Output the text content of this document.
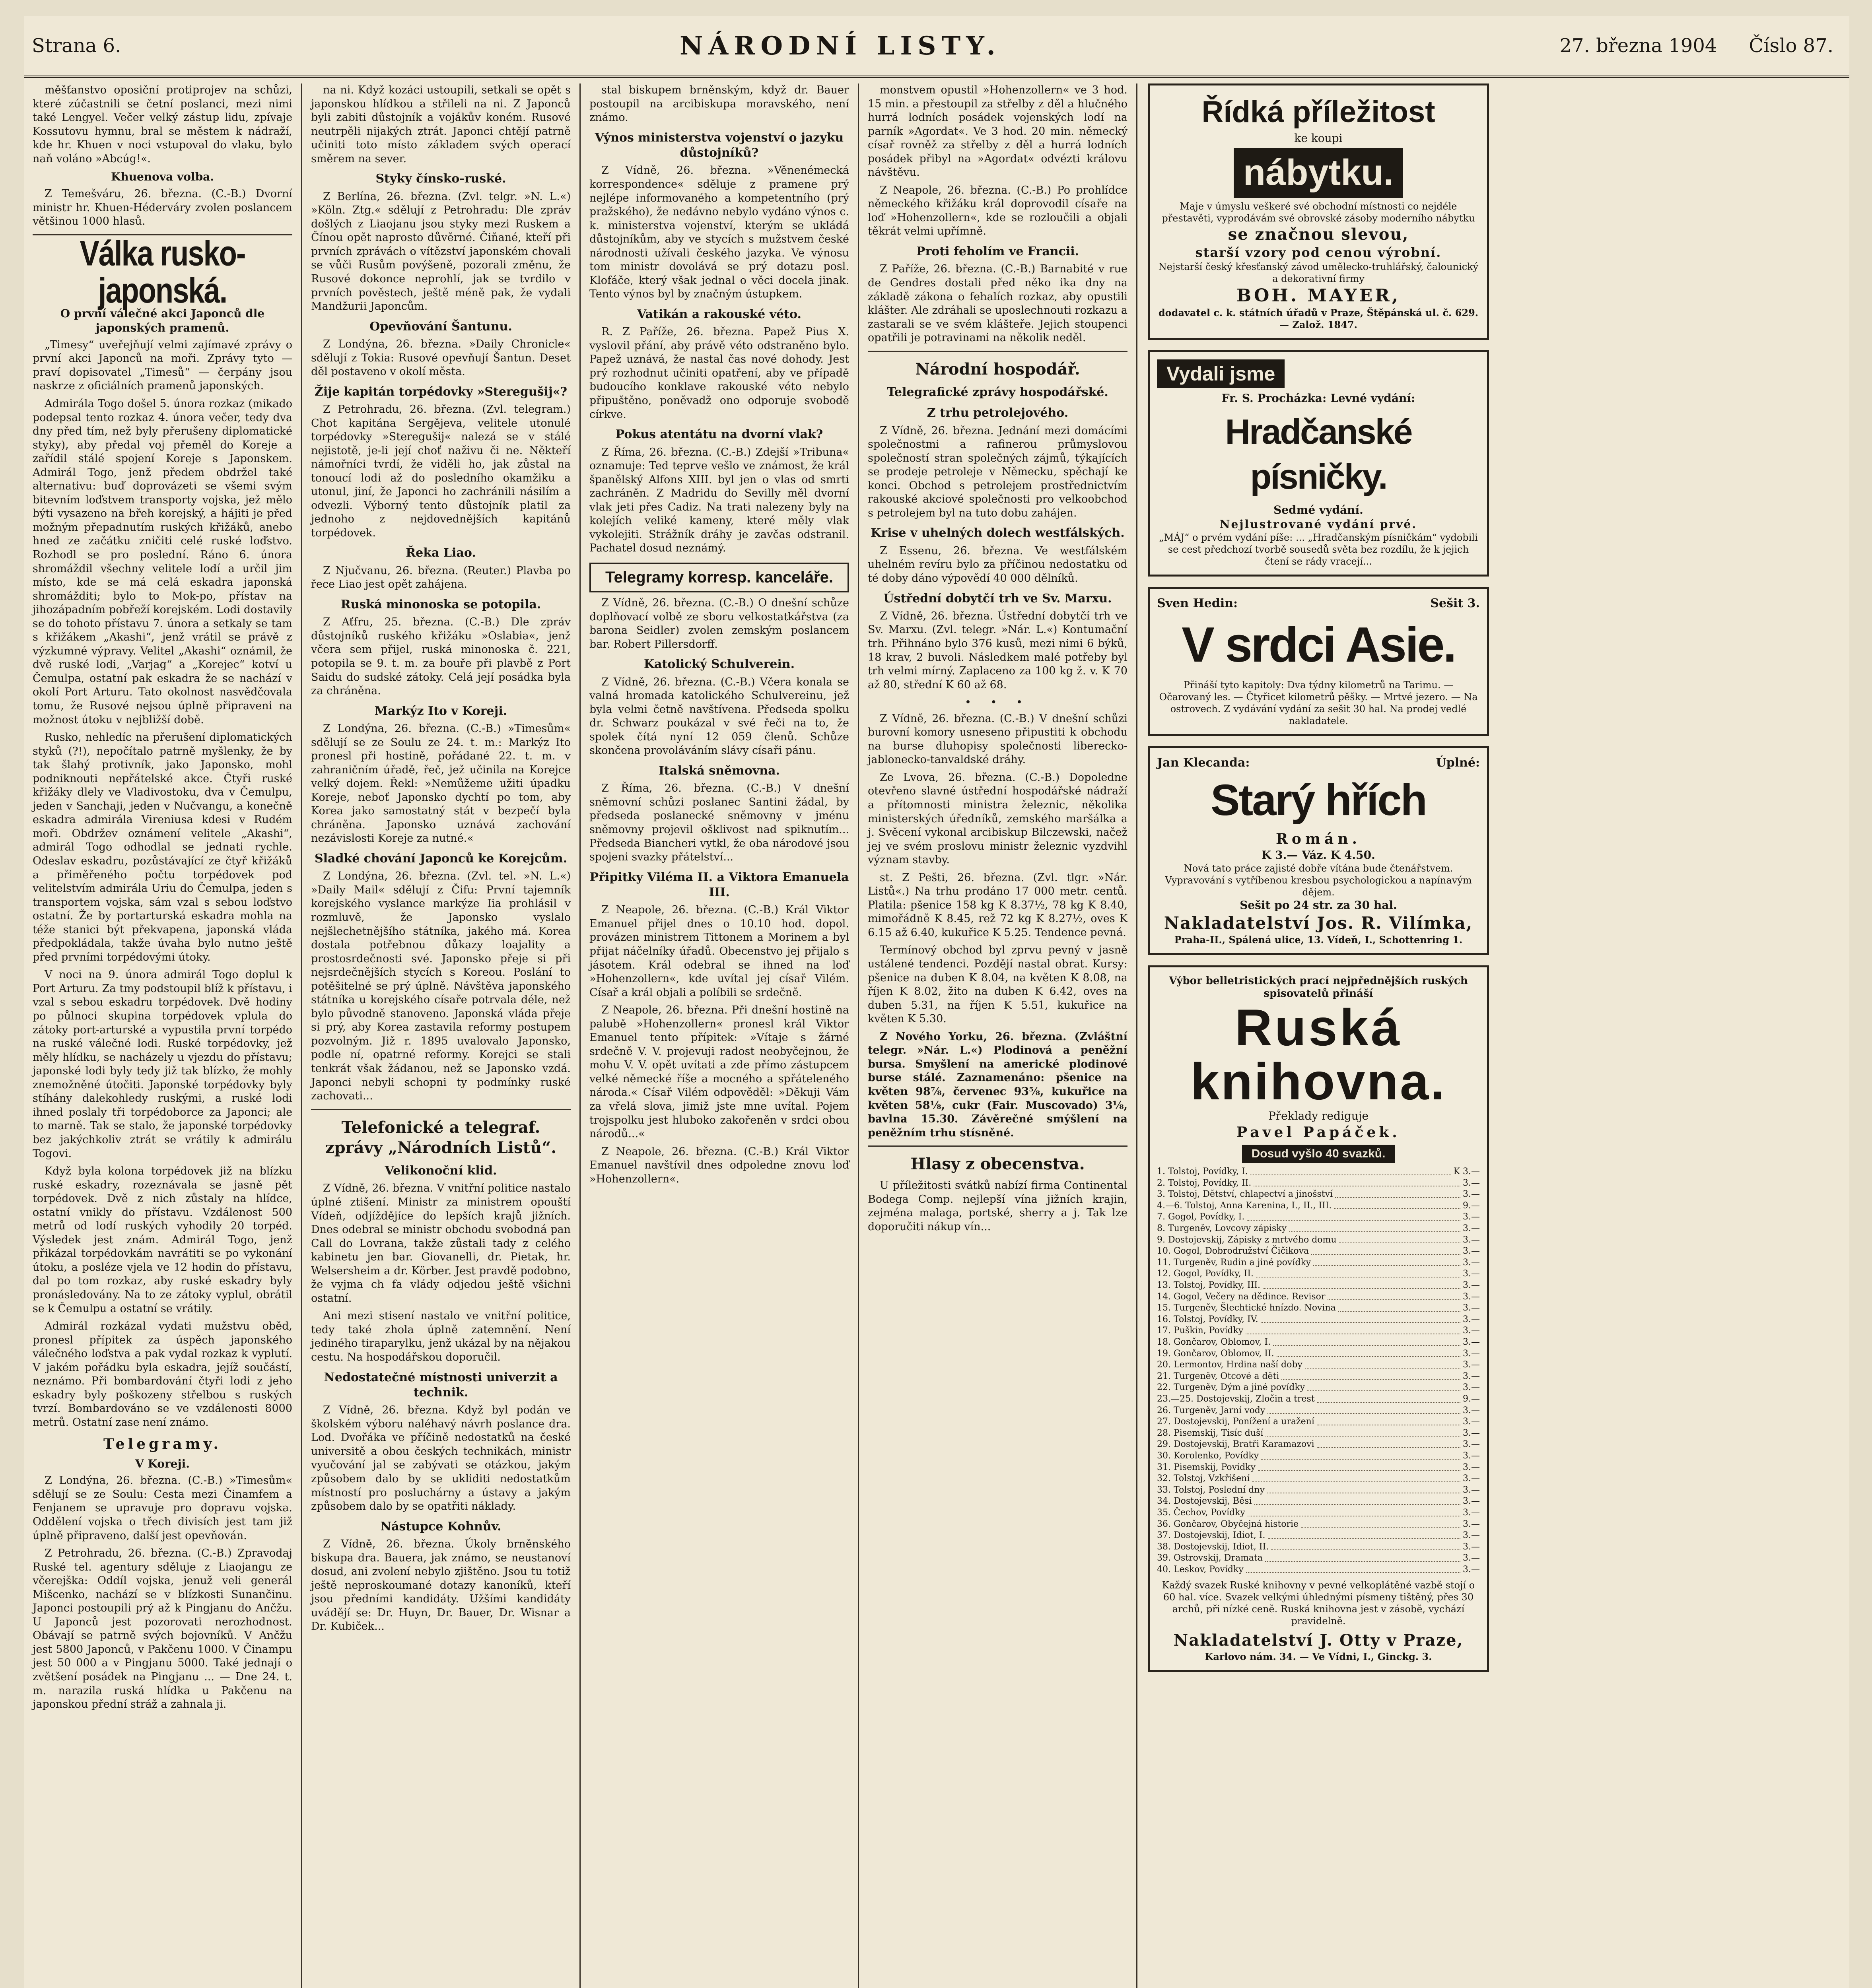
Strana 6.	NÁRODNÍ LISTY.	27. března 1904 Číslo 87.

měšťanstvo oposiční protiprojev na schůzi, které zúčastnili se četní poslanci, mezi nimi také Lengyel. Večer velký zástup lidu, zpívaje Kossutovu hymnu, bral se městem k nádraží, kde hr. Khuen v noci vstupoval do vlaku, bylo naň voláno »Abcúg!«.

Khuenova volba.

Z Temešváru, 26. března. (C.-B.) Dvorní ministr hr. Khuen-Héderváry zvolen poslancem většinou 1000 hlasů.

Válka rusko-japonská.
O první válečné akci Japonců dle japonských pramenů.

„Timesy“ uveřejňují velmi zajímavé zprávy o první akci Japonců na moři. Zprávy tyto — praví dopisovatel „Timesů“ — čerpány jsou naskrze z oficiálních pramenů japonských.

Admirála Togo došel 5. února rozkaz (mikado podepsal tento rozkaz 4. února večer, tedy dva dny před tím, než byly přerušeny diplomatické styky), aby předal voj přeměl do Koreje a zařídil stálé spojení Koreje s Japonskem. Admirál Togo, jenž předem obdržel také alternativu: buď doprovázeti se všemi svým bitevním loďstvem transporty vojska, jež mělo býti vysazeno na břeh korejský, a hájiti je před možným přepadnutím ruských křižáků, anebo hned ze začátku zničiti celé ruské loďstvo. Rozhodl se pro poslední. Ráno 6. února shromáždil všechny velitele lodí a určil jim místo, kde se má celá eskadra japonská shromážditi; bylo to Mok-po, přístav na jihozápadním pobřeží korejském. Lodi dostavily se do tohoto přístavu 7. února a setkaly se tam s křižákem „Akashi“, jenž vrátil se právě z výzkumné výpravy. Velitel „Akashi“ oznámil, že dvě ruské lodi, „Varjag“ a „Korejec“ kotví u Čemulpa, ostatní pak eskadra že se nachází v okolí Port Arturu. Tato okolnost nasvědčovala tomu, že Rusové nejsou úplně připraveni na možnost útoku v nejbližší době.

Rusko, nehledíc na přerušení diplomatických styků (?!), nepočítalo patrně myšlenky, že by tak šlahý protivník, jako Japonsko, mohl podniknouti nepřátelské akce. Čtyři ruské křižáky dlely ve Vladivostoku, dva v Čemulpu, jeden v Sanchaji, jeden v Nučvangu, a konečně eskadra admirála Vireniusa kdesi v Rudém moři. Obdržev oznámení velitele „Akashi“, admirál Togo odhodlal se jednati rychle. Odeslav eskadru, pozůstávající ze čtyř křižáků a přiměřeného počtu torpédovek pod velitelstvím admirála Uriu do Čemulpa, jeden s transportem vojska, sám vzal s sebou loďstvo ostatní. Že by portarturská eskadra mohla na téže stanici být překvapena, japonská vláda předpokládala, takže úvaha bylo nutno ještě před prvními torpédovými útoky.

V noci na 9. února admirál Togo doplul k Port Arturu. Za tmy podstoupil blíž k přístavu, i vzal s sebou eskadru torpédovek. Dvě hodiny po půlnoci skupina torpédovek vplula do zátoky port-arturské a vypustila první torpédo na ruské válečné lodi. Ruské torpédovky, jež měly hlídku, se nacházely u vjezdu do přístavu; japonské lodi byly tedy již tak blízko, že mohly znemožněné útočiti. Japonské torpédovky byly stíhány dalekohledy ruskými, a ruské lodi ihned poslaly tři torpédoborce za Japonci; ale to marně. Tak se stalo, že japonské torpédovky bez jakýchkoliv ztrát se vrátily k admirálu Togovi.

Když byla kolona torpédovek již na blízku ruské eskadry, rozeznávala se jasně pět torpédovek. Dvě z nich zůstaly na hlídce, ostatní vnikly do přístavu. Vzdálenost 500 metrů od lodí ruských vyhodily 20 torpéd. Výsledek jest znám. Admirál Togo, jenž přikázal torpédovkám navrátiti se po vykonání útoku, a posléze vjela ve 12 hodin do přístavu, dal po tom rozkaz, aby ruské eskadry byly pronásledovány. Na to ze zátoky vyplul, obrátil se k Čemulpu a ostatní se vrátily.

Admirál rozkázal vydati mužstvu oběd, pronesl přípitek za úspěch japonského válečného loďstva a pak vydal rozkaz k vyplutí. V jakém pořádku byla eskadra, jejíž součástí, neznámo. Při bombardování čtyři lodi z jeho eskadry byly poškozeny střelbou s ruských tvrzí. Bombardováno se ve vzdálenosti 8000 metrů. Ostatní zase není známo.

Telegramy.
V Koreji.

Z Londýna, 26. března. (C.-B.) »Timesům« sdělují se ze Soulu: Cesta mezi Činamfem a Fenjanem se upravuje pro dopravu vojska. Oddělení vojska o třech divisích jest tam již úplně připraveno, další jest opevňován.

Z Petrohradu, 26. března. (C.-B.) Zpravodaj Ruské tel. agentury sděluje z Liaojangu ze včerejška: Oddíl vojska, jenuž veli generál Mišcenko, nachází se v blízkosti Sunančinu. Japonci postoupili prý až k Pingjanu do Ančžu. U Japonců jest pozorovati nerozhodnost. Obávají se patrně svých bojovníků. V Ančžu jest 5800 Japonců, v Pakčenu 1000. V Činampu jest 50 000 a v Pingjanu 5000. Také jednají o zvětšení posádek na Pingjanu ... — Dne 24. t. m. narazila ruská hlídka u Pakčenu na japonskou přední stráž a zahnala ji.

na ni. Když kozáci ustoupili, setkali se opět s japonskou hlídkou a střileli na ni. Z Japonců byli zabiti důstojník a vojákův koném. Rusové neutrpěli nijakých ztrát. Japonci chtějí patrně učiniti toto místo základem svých operací směrem na sever.

Styky čínsko-ruské.

Z Berlína, 26. března. (Zvl. telgr. »N. L.«) »Köln. Ztg.« sdělují z Petrohradu: Dle zpráv došlých z Liaojanu jsou styky mezi Ruskem a Čínou opět naprosto důvěrné. Čiňané, kteří při prvních zprávách o vítězství japonském chovali se vůči Rusům povýšeně, pozorali změnu, že Rusové dokonce neprohlí, jak se tvrdilo v prvních pověstech, ještě méně pak, že vydali Mandžurii Japoncům.

Opevňování Šantunu.

Z Londýna, 26. března. »Daily Chronicle« sdělují z Tokia: Rusové opevňují Šantun. Deset děl postaveno v okolí města.

Žije kapitán torpédovky »Steregušij«?

Z Petrohradu, 26. března. (Zvl. telegram.) Chot kapitána Sergějeva, velitele utonulé torpédovky »Steregušij« nalezá se v stálé nejistotě, je-li její choť naživu či ne. Někteří námořníci tvrdí, že viděli ho, jak zůstal na tonoucí lodi až do posledního okamžiku a utonul, jiní, že Japonci ho zachránili násilím a odvezli. Výborný tento důstojník platil za jednoho z nejdovednějších kapitánů torpédovek.

Řeka Liao.

Z Njučvanu, 26. března. (Reuter.) Plavba po řece Liao jest opět zahájena.

Ruská minonoska se potopila.

Z Aťfru, 25. března. (C.-B.) Dle zpráv důstojníků ruského křižáku »Oslabia«, jenž včera sem přijel, ruská minonoska č. 221, potopila se 9. t. m. za bouře při plavbě z Port Saidu do sudské zátoky. Celá její posádka byla za chráněna.

Markýz Ito v Koreji.

Z Londýna, 26. března. (C.-B.) »Timesům« sdělují se ze Soulu ze 24. t. m.: Markýz Ito pronesl při hostině, pořádané 22. t. m. v zahraničním úřadě, řeč, jež učinila na Korejce velký dojem. Řekl: »Nemůžeme užiti úpadku Koreje, neboť Japonsko dychtí po tom, aby Korea jako samostatný stát v bezpečí byla chráněna. Japonsko uznává zachování nezávislosti Koreje za nutné.«

Sladké chování Japonců ke Korejcům.

Z Londýna, 26. března. (Zvl. tel. »N. L.«) »Daily Mail« sdělují z Čifu: První tajemník korejského vyslance markýze Iia prohlásil v rozmluvě, že Japonsko vyslalo nejšlechetnějšího státníka, jakého má. Korea dostala potřebnou důkazy loajality a prostosrdečnosti své. Japonsko přeje si při nejsrdečnějších stycích s Koreou. Poslání to potěšitelné se prý úplně. Návštěva japonského státníka u korejského císaře potrvala déle, než bylo původně stanoveno. Japonská vláda přeje si prý, aby Korea zastavila reformy postupem pozvolným. Již r. 1895 uvalovalo Japonsko, podle ní, opatrné reformy. Korejci se stali tenkrát však žádanou, než se Japonsko vzdá. Japonci nebyli schopni ty podmínky ruské zachovati...

Telefonické a telegraf. zprávy „Národních Listů“.
Velikonoční klid.

Z Vídně, 26. března. V vnitřní politice nastalo úplné ztišení. Ministr za ministrem opouští Vídeň, odjíždějíce do lepších krajů jižních. Dnes odebral se ministr obchodu svobodná pan Call do Lovrana, takže zůstali tady z celého kabinetu jen bar. Giovanelli, dr. Pietak, hr. Welsersheim a dr. Körber. Jest pravdě podobno, že vyjma ch fa vlády odjedou ještě všichni ostatní.

Ani mezi stisení nastalo ve vnitřní politice, tedy také zhola úplně zatemnění. Není jediného tiraparylku, jenž ukázal by na nějakou cestu. Na hospodářskou doporučil.

Nedostatečné místnosti univerzit a technik.

Z Vídně, 26. března. Když byl podán ve školském výboru naléhavý návrh poslance dra. Lod. Dvořáka ve příčině nedostatků na české universitě a obou českých technikách, ministr vyučování jal se zabývati se otázkou, jakým způsobem dalo by se ukliditi nedostatkům místností pro posluchárny a ústavy a jakým způsobem dalo by se opatřiti náklady.

Nástupce Kohnův.

Z Vídně, 26. března. Úkoly brněnského biskupa dra. Bauera, jak známo, se neustanoví dosud, ani zvolení nebylo zjištěno. Jsou tu totiž ještě neproskoumané dotazy kanoníků, kteří jsou předními kandidáty. Užšími kandidáty uvádějí se: Dr. Huyn, Dr. Bauer, Dr. Wisnar a Dr. Kubiček...

stal biskupem brněnským, když dr. Bauer postoupil na arcibiskupa moravského, není známo.

Výnos ministerstva vojenství o jazyku důstojníků?

Z Vídně, 26. března. »Věnenémecká korrespondence« sděluje z pramene prý nejlépe informovaného a kompetentního (prý pražského), že nedávno nebylo vydáno výnos c. k. ministerstva vojenství, kterým se ukládá důstojníkům, aby ve stycích s mužstvem české národnosti užívali českého jazyka. Ve výnosu tom ministr dovolává se prý dotazu posl. Klofáče, který však jednal o věci docela jinak. Tento výnos byl by značným ústupkem.

Vatikán a rakouské véto.

R. Z Paříže, 26. března. Papež Pius X. vyslovil přání, aby právě véto odstraněno bylo. Papež uznává, že nastal čas nové dohody. Jest prý rozhodnut učiniti opatření, aby ve případě budoucího konklave rakouské véto nebylo připuštěno, poněvadž ono odporuje svobodě církve.

Pokus atentátu na dvorní vlak?

Z Říma, 26. března. (C.-B.) Zdejší »Tribuna« oznamuje: Ted teprve vešlo ve známost, že král španělský Alfons XIII. byl jen o vlas od smrti zachráněn. Z Madridu do Sevilly měl dvorní vlak jeti přes Cadiz. Na trati nalezeny byly na kolejích veliké kameny, které měly vlak vykolejiti. Strážník dráhy je zavčas odstranil. Pachatel dosud neznámý.

Telegramy korresp. kanceláře.

Z Vídně, 26. března. (C.-B.) O dnešní schůze doplňovací volbě ze sboru velkostatkářstva (za barona Seidler) zvolen zemským poslancem bar. Robert Pillersdorff.

Katolický Schulverein.

Z Vídně, 26. března. (C.-B.) Včera konala se valná hromada katolického Schulvereinu, jež byla velmi četně navštívena. Předseda spolku dr. Schwarz poukázal v své řeči na to, že spolek čítá nyní 12 059 členů. Schůze skončena provoláváním slávy císaři pánu.

Italská sněmovna.

Z Říma, 26. března. (C.-B.) V dnešní sněmovní schůzi poslanec Santini žádal, by předseda poslanecké sněmovny v jménu sněmovny projevil ošklivost nad spiknutím... Předseda Biancheri vytkl, že oba národové jsou spojeni svazky přátelství...

Připitky Viléma II. a Viktora Emanuela III.

Z Neapole, 26. března. (C.-B.) Král Viktor Emanuel přijel dnes o 10.10 hod. dopol. provázen ministrem Tittonem a Morinem a byl přijat náčelníky úřadů. Obecenstvo jej přijalo s jásotem. Král odebral se ihned na loď »Hohenzollern«, kde uvítal jej císař Vilém. Císař a král objali a políbili se srdečně.

Z Neapole, 26. března. Při dnešní hostině na palubě »Hohenzollern« pronesl král Viktor Emanuel tento přípitek: »Vítaje s žárné srdečně V. V. projevuji radost neobyčejnou, že mohu V. V. opět uvítati a zde přímo zástupcem velké německé říše a mocného a spřáteleného národa.« Císař Vilém odpověděl: »Děkuji Vám za vřelá slova, jimiž jste mne uvítal. Pojem trojspolku jest hluboko zakořeněn v srdci obou národů...«

Z Neapole, 26. března. (C.-B.) Král Viktor Emanuel navštívil dnes odpoledne znovu loď »Hohenzollern«.

monstvem opustil »Hohenzollern« ve 3 hod. 15 min. a přestoupil za střelby z děl a hlučného hurrá lodních posádek vojenských lodí na parník »Agordat«. Ve 3 hod. 20 min. německý císař rovněž za střelby z děl a hurrá lodních posádek přibyl na »Agordat« odvézti královu návštěvu.

Z Neapole, 26. března. (C.-B.) Po prohlídce německého křižáku král doprovodil císaře na loď »Hohenzollern«, kde se rozloučili a objali těkrát velmi upřímně.

Proti feholím ve Francii.

Z Paříže, 26. března. (C.-B.) Barnabité v rue de Gendres dostali před něko ika dny na základě zákona o fehalích rozkaz, aby opustili klášter. Ale zdráhali se uposlechnouti rozkazu a zastarali se ve svém klášteře. Jejich stoupenci opatřili je potravinami na několik neděl.

Národní hospodář.
Telegrafické zprávy hospodářské.
Z trhu petrolejového.

Z Vídně, 26. března. Jednání mezi domácími společnostmi a rafinerou průmyslovou společností stran společných zájmů, týkajících se prodeje petroleje v Německu, spěchají ke konci. Obchod s petrolejem prostřednictvím rakouské akciové společnosti pro velkoobchod s petrolejem byl na tuto dobu zahájen.

Krise v uhelných dolech westfálských.

Z Essenu, 26. března. Ve westfálském uhelném revíru bylo za příčinou nedostatku od té doby dáno výpovědí 40 000 dělníků.

Ústřední dobytčí trh ve Sv. Marxu.

Z Vídně, 26. března. Ústřední dobytčí trh ve Sv. Marxu. (Zvl. telegr. »Nár. L.«) Kontumační trh. Přihnáno bylo 376 kusů, mezi nimi 6 býků, 18 krav, 2 buvoli. Následkem malé potřeby byl trh velmi mírný. Zaplaceno za 100 kg ž. v. K 70 až 80, střední K 60 až 68.

• • •

Z Vídně, 26. března. (C.-B.) V dnešní schůzi burovní komory usneseno připustiti k obchodu na burse dluhopisy společnosti liberecko-jablonecko-tanvaldské dráhy.

Ze Lvova, 26. března. (C.-B.) Dopoledne otevřeno slavné ústřední hospodářské nádraží a přítomnosti ministra železnic, několika ministerských úředníků, zemského maršálka a j. Svěcení vykonal arcibiskup Bilczewski, načež jej ve svém proslovu ministr železnic vyzdvihl význam stavby.

st. Z Pešti, 26. března. (Zvl. tlgr. »Nár. Listů«.) Na trhu prodáno 17 000 metr. centů. Platila: pšenice 158 kg K 8.37½, 78 kg K 8.40, mimořádně K 8.45, rež 72 kg K 8.27½, oves K 6.15 až 6.40, kukuřice K 5.25. Tendence pevná.

Termínový obchod byl zprvu pevný v jasně ustálené tendenci. Pozdějí nastal obrat. Kursy: pšenice na duben K 8.04, na květen K 8.08, na říjen K 8.02, žito na duben K 6.42, oves na duben 5.31, na říjen K 5.51, kukuřice na květen K 5.30.

Z Nového Yorku, 26. března. (Zvláštní telegr. »Nár. L.«) Plodinová a peněžní bursa. Smyšlení na americké plodinové burse stálé. Zaznamenáno: pšenice na květen 98⅞, červenec 93⅝, kukuřice na květen 58⅛, cukr (Fair. Muscovado) 3⅛, bavlna 15.30. Závěrečné smýšlení na peněžním trhu stísněné.

Hlasy z obecenstva.

U příležitosti svátků nabízí firma Continental Bodega Comp. nejlepší vína jižních krajin, zejména malaga, portské, sherry a j. Tak lze doporučiti nákup vín...

Řídká příležitost
ke koupi
nábytku.
Maje v úmyslu veškeré své obchodní místnosti co nejdéle přestavěti, vyprodávám své obrovské zásoby moderního nábytku
se značnou slevou,
starší vzory pod cenou výrobní.
Nejstarší český křesťanský závod umělecko-truhlářský, čalounický a dekorativní firmy
BOH. MAYER,
dodavatel c. k. státních úřadů v Praze, Štěpánská ul. č. 629. — Založ. 1847.
Vydali jsme
Fr. S. Procházka: Levné vydání:
Hradčanské písničky.
Sedmé vydání.
Nejlustrované vydání prvé.
„MÁJ“ o prvém vydání píše: ... „Hradčanským písničkám“ vydobili se cest předchozí tvorbě sousedů světa bez rozdílu, že k jejich čtení se rády vracejí...
Sven Hedin:	Sešit 3.
V srdci Asie.
Přináší tyto kapitoly: Dva týdny kilometrů na Tarimu. — Očarovaný les. — Čtyřicet kilometrů pěšky. — Mrtvé jezero. — Na ostrovech. Z vydávání vydání za sešit 30 hal. Na prodej vedlé nakladatele.
Jan Klecanda:	Úplné:
Starý hřích
Román.
K 3.— Váz. K 4.50.
Nová tato práce zajisté dobře vítána bude čtenářstvem. Vypravování s vytříbenou kresbou psychologickou a napínavým dějem.
Sešit po 24 str. za 30 hal.
Nakladatelství Jos. R. Vilímka,
Praha-II., Spálená ulice, 13. Vídeň, I., Schottenring 1.
Výbor belletristických prací nejpřednějších ruských spisovatelů přináší
Ruská
knihovna.
Překlady rediguje
Pavel Papáček.
Dosud vyšlo 40 svazků.
1. Tolstoj, Povídky, I.	K 3.—
2. Tolstoj, Povídky, II.	3.—
3. Tolstoj, Dětství, chlapectví a jinošství	3.—
4.—6. Tolstoj, Anna Karenina, I., II., III.	9.—
7. Gogol, Povídky, I.	3.—
8. Turgeněv, Lovcovy zápisky	3.—
9. Dostojevskij, Zápisky z mrtvého domu	3.—
10. Gogol, Dobrodružství Čičikova	3.—
11. Turgeněv, Rudin a jiné povídky	3.—
12. Gogol, Povídky, II.	3.—
13. Tolstoj, Povídky, III.	3.—
14. Gogol, Večery na dědince. Revisor	3.—
15. Turgeněv, Šlechtické hnízdo. Novina	3.—
16. Tolstoj, Povídky, IV.	3.—
17. Puškin, Povídky	3.—
18. Gončarov, Oblomov, I.	3.—
19. Gončarov, Oblomov, II.	3.—
20. Lermontov, Hrdina naší doby	3.—
21. Turgeněv, Otcové a děti	3.—
22. Turgeněv, Dým a jiné povídky	3.—
23.—25. Dostojevskij, Zločin a trest	9.—
26. Turgeněv, Jarní vody	3.—
27. Dostojevskij, Ponížení a uražení	3.—
28. Pisemskij, Tisíc duší	3.—
29. Dostojevskij, Bratři Karamazovi	3.—
30. Korolenko, Povídky	3.—
31. Pisemskij, Povídky	3.—
32. Tolstoj, Vzkříšení	3.—
33. Tolstoj, Poslední dny	3.—
34. Dostojevskij, Běsi	3.—
35. Čechov, Povídky	3.—
36. Gončarov, Obyčejná historie	3.—
37. Dostojevskij, Idiot, I.	3.—
38. Dostojevskij, Idiot, II.	3.—
39. Ostrovskij, Dramata	3.—
40. Leskov, Povídky	3.—
Každý svazek Ruské knihovny v pevné velkoplátěné vazbě stojí o 60 hal. více. Svazek velkými úhlednými písmeny tištěný, přes 30 archů, při nízké ceně. Ruská knihovna jest v zásobě, vychází pravidelně.
Nakladatelství J. Otty v Praze,
Karlovo nám. 34. — Ve Vídni, I., Ginckg. 3.
